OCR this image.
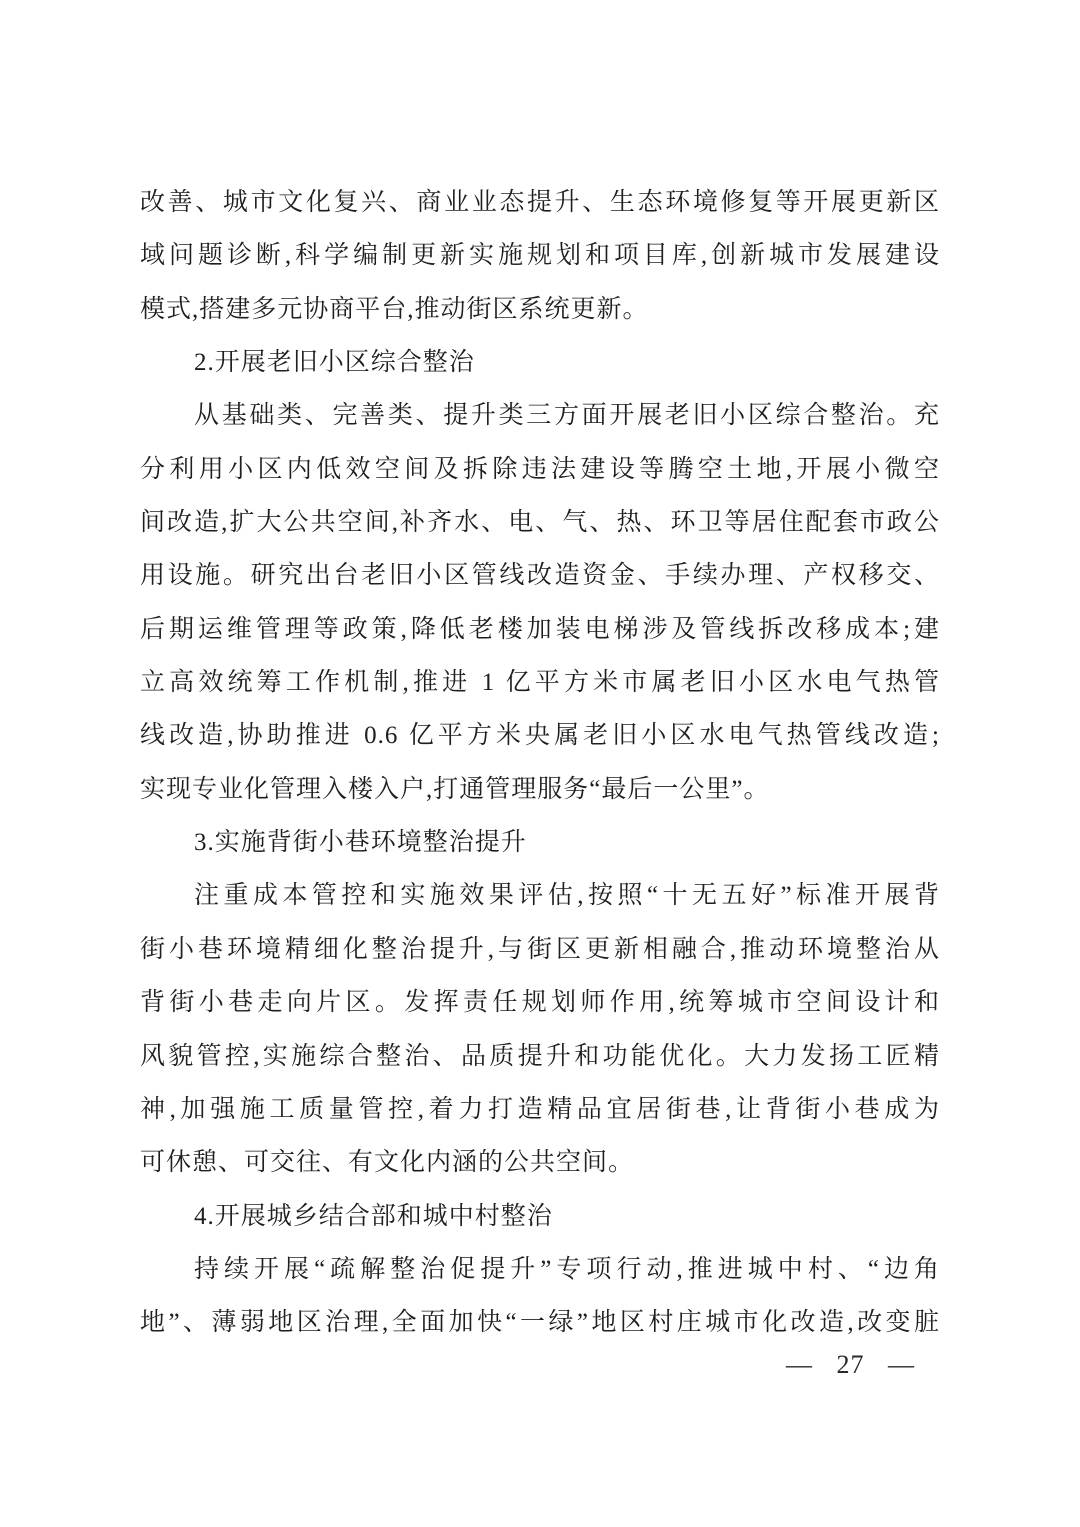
改善、城市文化复兴、商业业态提升、生态环境修复等开展更新区
域问题诊断,科学编制更新实施规划和项目库,创新城市发展建设
模式,搭建多元协商平台,推动街区系统更新。
2.开展老旧小区综合整治
从基础类、完善类、提升类三方面开展老旧小区综合整治。充
分利用小区内低效空间及拆除违法建设等腾空土地,开展小微空
间改造,扩大公共空间,补齐水、电、气、热、环卫等居住配套市政公
用设施。研究出台老旧小区管线改造资金、手续办理、产权移交、
后期运维管理等政策,降低老楼加装电梯涉及管线拆改移成本;建
立高效统筹工作机制,推进 1 亿平方米市属老旧小区水电气热管
线改造,协助推进 0.6 亿平方米央属老旧小区水电气热管线改造;
实现专业化管理入楼入户,打通管理服务“最后一公里”。
3.实施背街小巷环境整治提升
注重成本管控和实施效果评估,按照“十无五好”标准开展背
街小巷环境精细化整治提升,与街区更新相融合,推动环境整治从
背街小巷走向片区。发挥责任规划师作用,统筹城市空间设计和
风貌管控,实施综合整治、品质提升和功能优化。大力发扬工匠精
神,加强施工质量管控,着力打造精品宜居街巷,让背街小巷成为
可休憩、可交往、有文化内涵的公共空间。
4.开展城乡结合部和城中村整治
持续开展“疏解整治促提升”专项行动,推进城中村、“边角
地”、薄弱地区治理,全面加快“一绿”地区村庄城市化改造,改变脏
— 27 —
